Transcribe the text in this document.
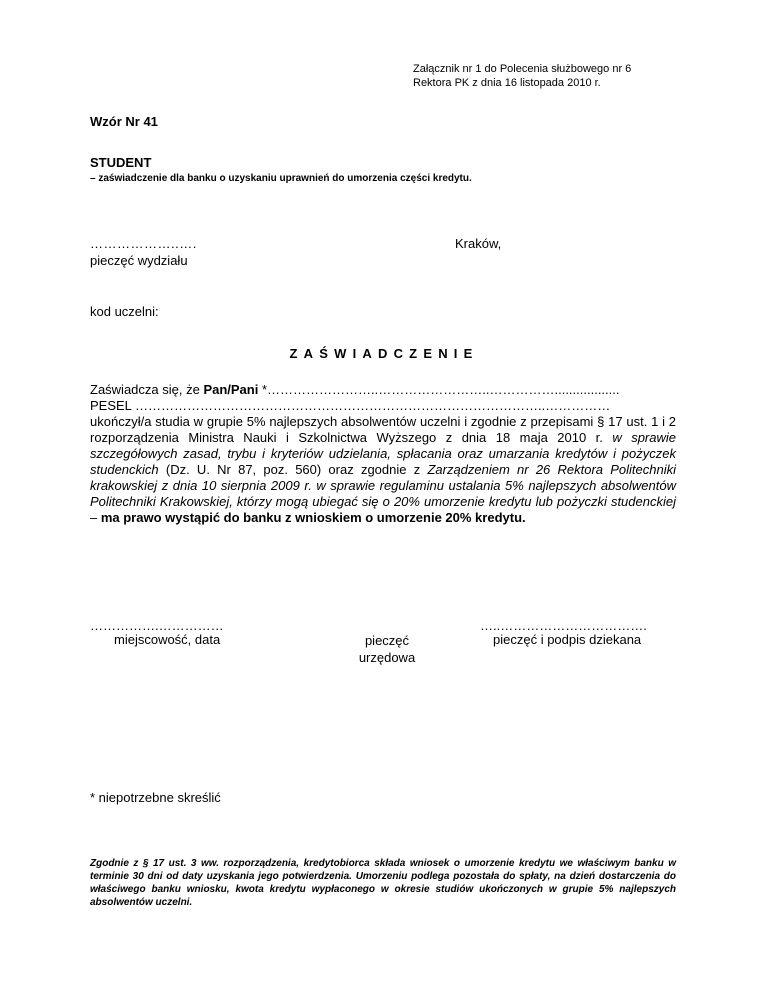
Załącznik nr 1 do Polecenia służbowego nr 6
Rektora PK z dnia 16 listopada 2010 r.
Wzór Nr 41
STUDENT
– zaświadczenie dla banku o uzyskaniu uprawnień do umorzenia części kredytu.
………………..….	Kraków,
pieczęć wydziału
kod uczelni:
ZAŚWIADCZENIE
Zaświadcza się, że Pan/Pani *……………………..……………………..……………..................
PESEL …………………………………………………………………………………..……………

ukończył/a studia w grupie 5% najlepszych absolwentów uczelni i zgodnie z przepisami § 17 ust. 1 i 2 rozporządzenia Ministra Nauki i Szkolnictwa Wyższego z dnia 18 maja 2010 r. w sprawie szczegółowych zasad, trybu i kryteriów udzielania, spłacania oraz umarzania kredytów i pożyczek studenckich (Dz. U. Nr 87, poz. 560) oraz zgodnie z Zarządzeniem nr 26 Rektora Politechniki krakowskiej z dnia 10 sierpnia 2009 r. w sprawie regulaminu ustalania 5% najlepszych absolwentów Politechniki Krakowskiej, którzy mogą ubiegać się o 20% umorzenie kredytu lub pożyczki studenckiej – ma prawo wystąpić do banku z wnioskiem o umorzenie 20% kredytu.

…………….……………
miejscowość, data	pieczęć urzędowa
…..…………………………….
pieczęć i podpis dziekana
* niepotrzebne skreślić
Zgodnie z § 17 ust. 3 ww. rozporządzenia, kredytobiorca składa wniosek o umorzenie kredytu we właściwym banku w terminie 30 dni od daty uzyskania jego potwierdzenia. Umorzeniu podlega pozostała do spłaty, na dzień dostarczenia do właściwego banku wniosku, kwota kredytu wypłaconego w okresie studiów ukończonych w grupie 5% najlepszych absolwentów uczelni.
